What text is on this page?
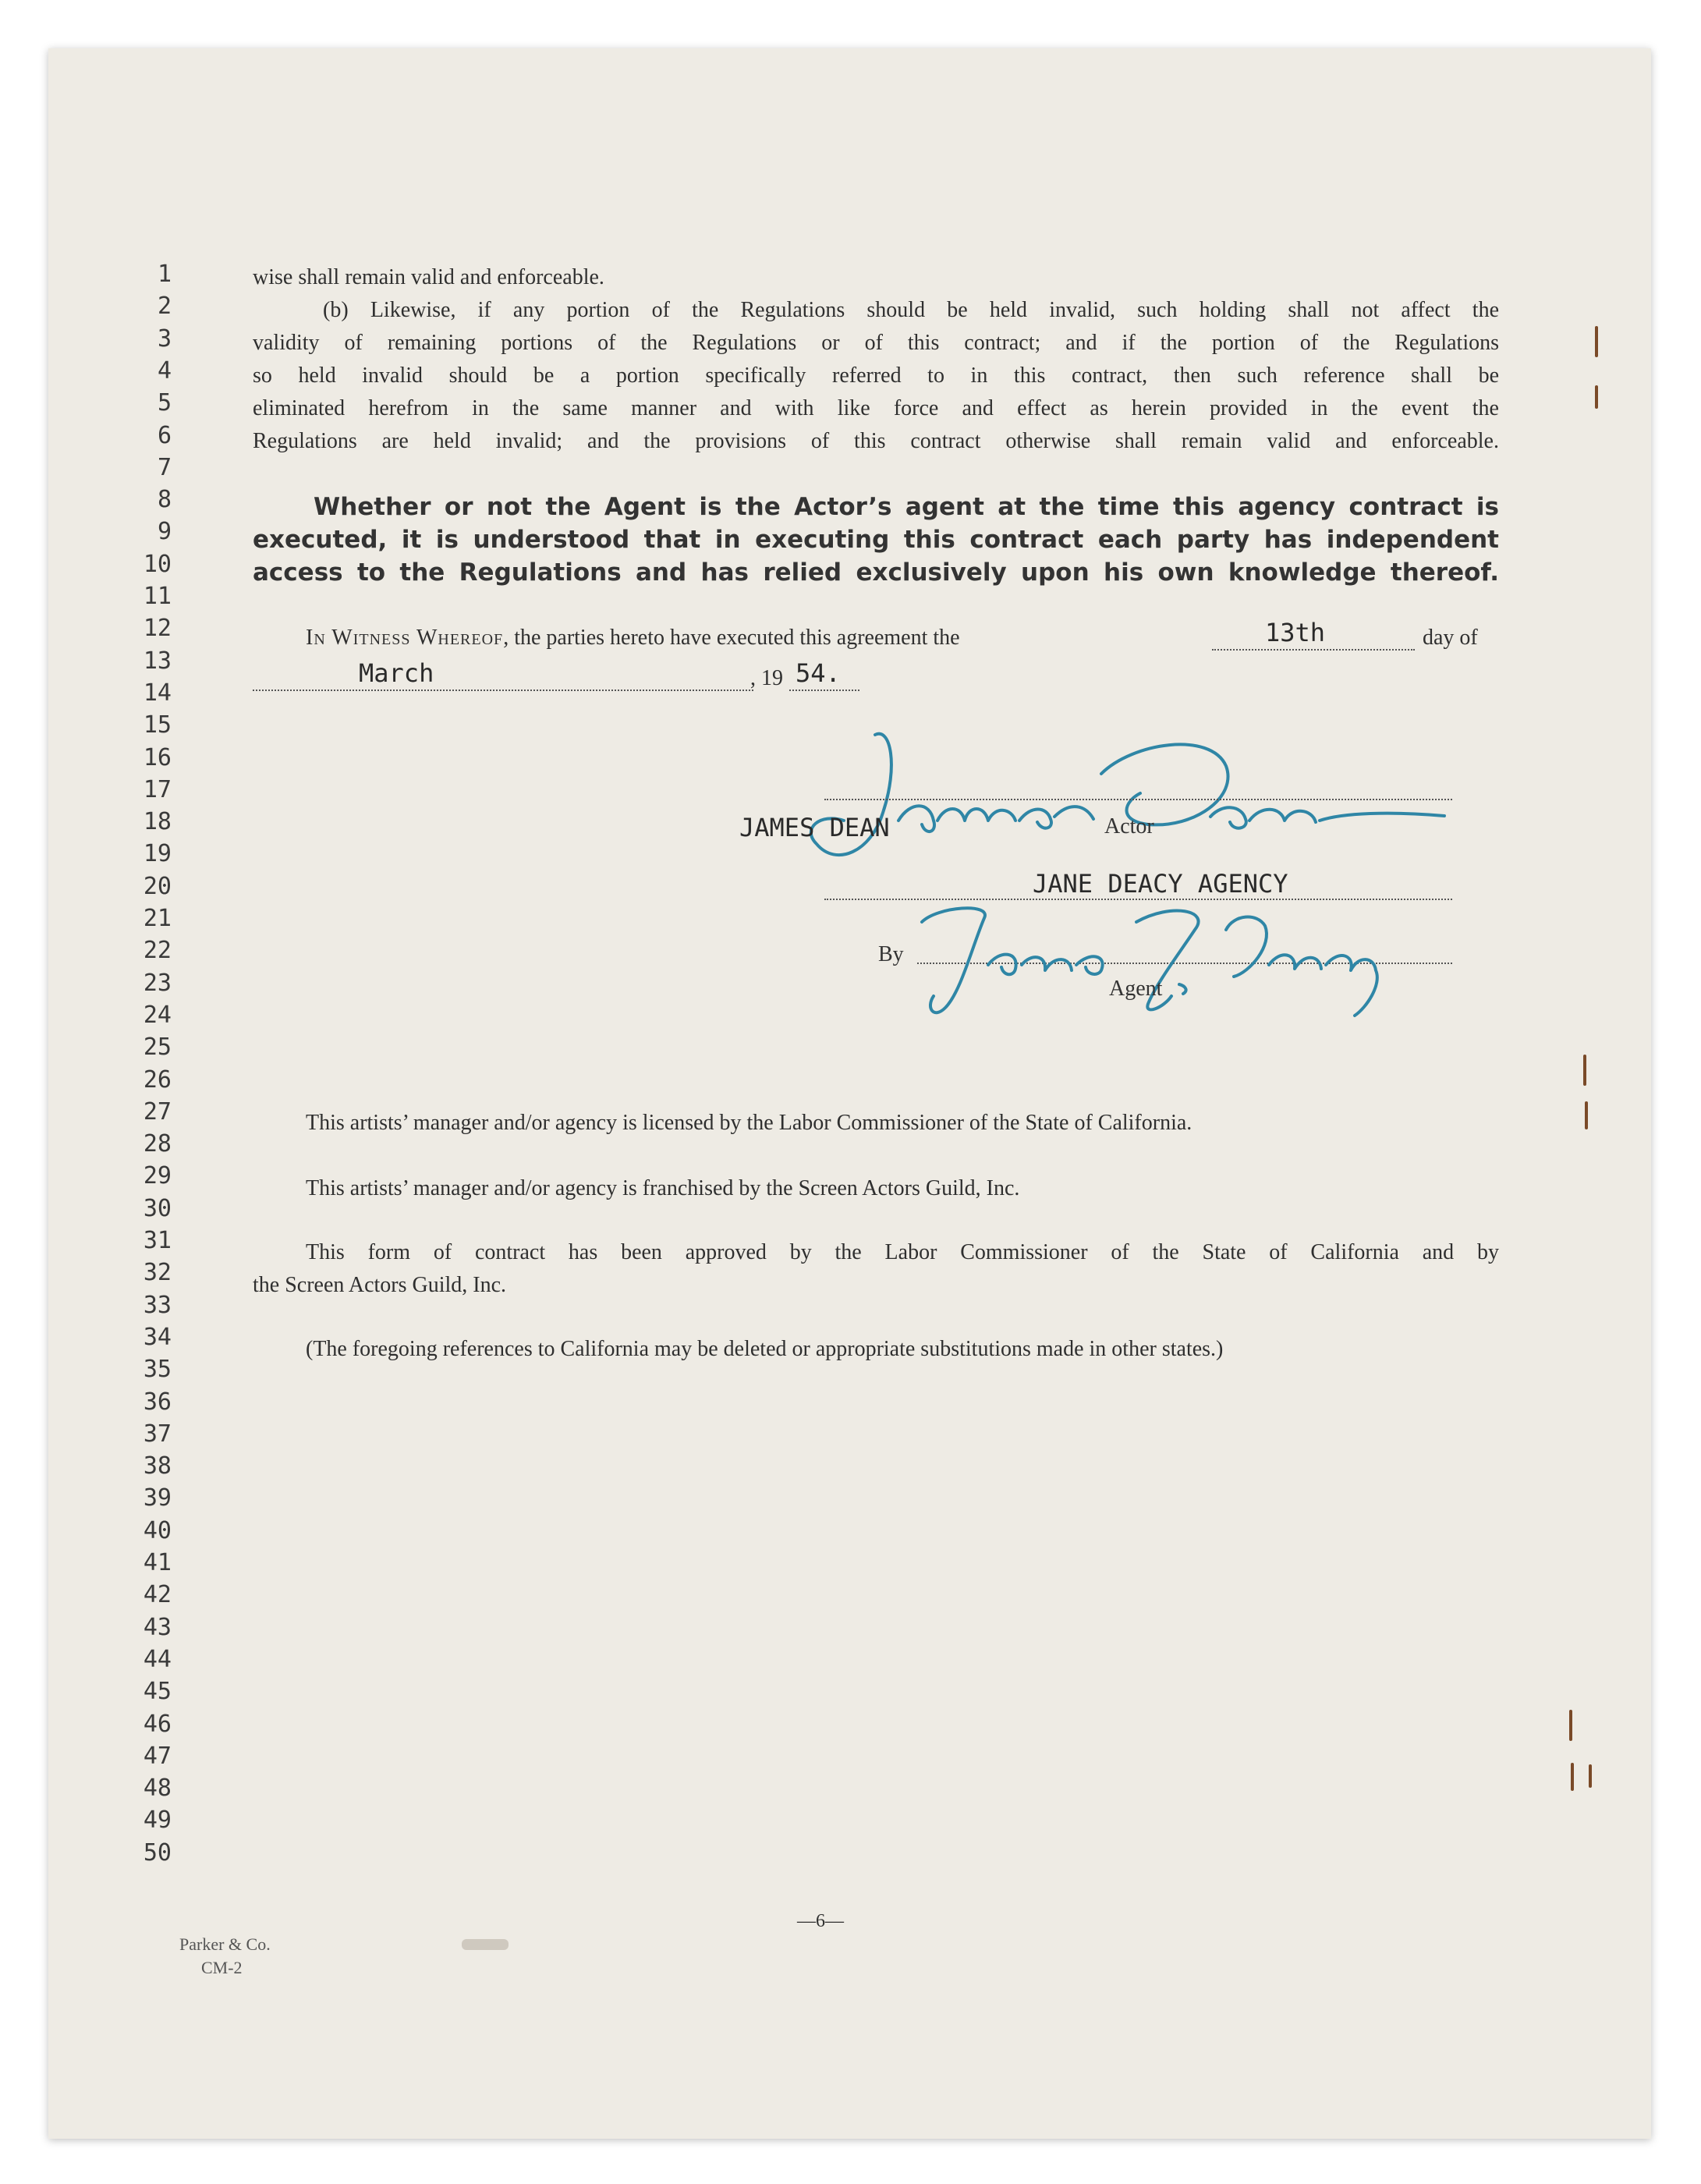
1
2
3
4
5
6
7
8
9
10
11
12
13
14
15
16
17
18
19
20
21
22
23
24
25
26
27
28
29
30
31
32
33
34
35
36
37
38
39
40
41
42
43
44
45
46
47
48
49
50
wise shall remain valid and enforceable.
(b) Likewise, if any portion of the Regulations should be held invalid, such holding shall not affect the
validity of remaining portions of the Regulations or of this contract; and if the portion of the Regulations
so held invalid should be a portion specifically referred to in this contract, then such reference shall be
eliminated herefrom in the same manner and with like force and effect as herein provided in the event the
Regulations are held invalid; and the provisions of this contract otherwise shall remain valid and enforceable.
Whether or not the Agent is the Actor’s agent at the time this agency contract is
executed, it is understood that in executing this contract each party has independent
access to the Regulations and has relied exclusively upon his own knowledge thereof.
In Witness Whereof, the parties hereto have executed this agreement the	13th	day of
March	, 19 54.
JAMES DEAN	Actor
JANE DEACY AGENCY
By
Agent
This artists’ manager and/or agency is licensed by the Labor Commissioner of the State of California.
This artists’ manager and/or agency is franchised by the Screen Actors Guild, Inc.
This form of contract has been approved by the Labor Commissioner of the State of California and by
the Screen Actors Guild, Inc.
(The foregoing references to California may be deleted or appropriate substitutions made in other states.)
—6—
Parker & Co.
CM-2
